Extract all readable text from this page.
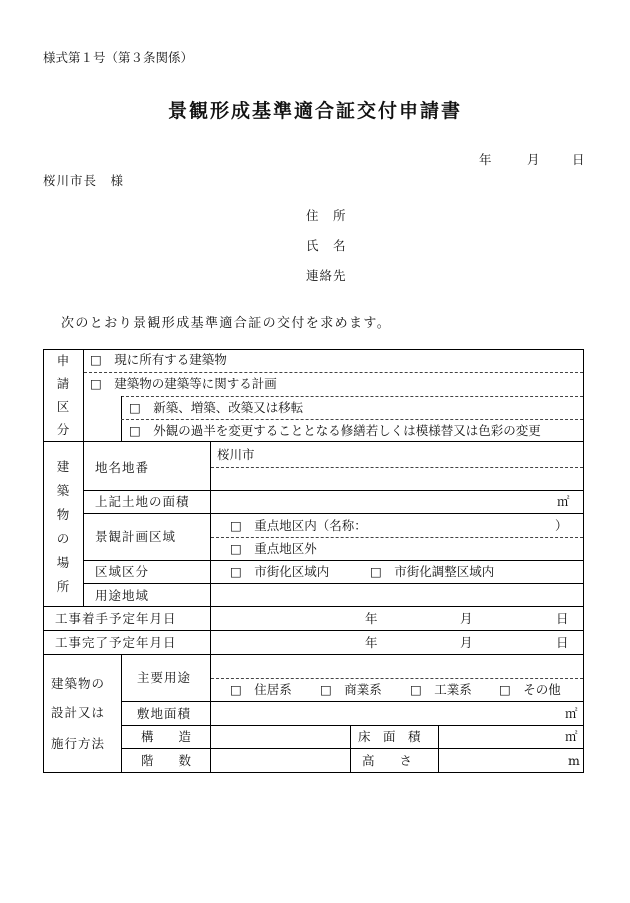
様式第１号（第３条関係）
景観形成基準適合証交付申請書
年	月	日
桜川市長　様
住　所
氏　名
連絡先
次のとおり景観形成基準適合証の交付を求めます。
申
請
区
分
□　現に所有する建築物
□　建築物の建築等に関する計画
□　新築、増築、改築又は移転
□　外観の過半を変更することとなる修繕若しくは模様替又は色彩の変更
建
築
物
の
場
所
地名地番
桜川市
上記土地の面積	㎡
景観計画区域
□　重点地区内（名称：	）
□　重点地区外
区域区分	□　市街化区域内	□　市街化調整区域内
用途地域
工事着手予定年月日	年	月	日
工事完了予定年月日	年	月	日
建築物の
設計又は
施行方法
主要用途
□　住居系 □　商業系 □　工業系 □　その他
敷地面積	㎡
構　　造	床　面　積	㎡
階　　数	高　　さ	m
